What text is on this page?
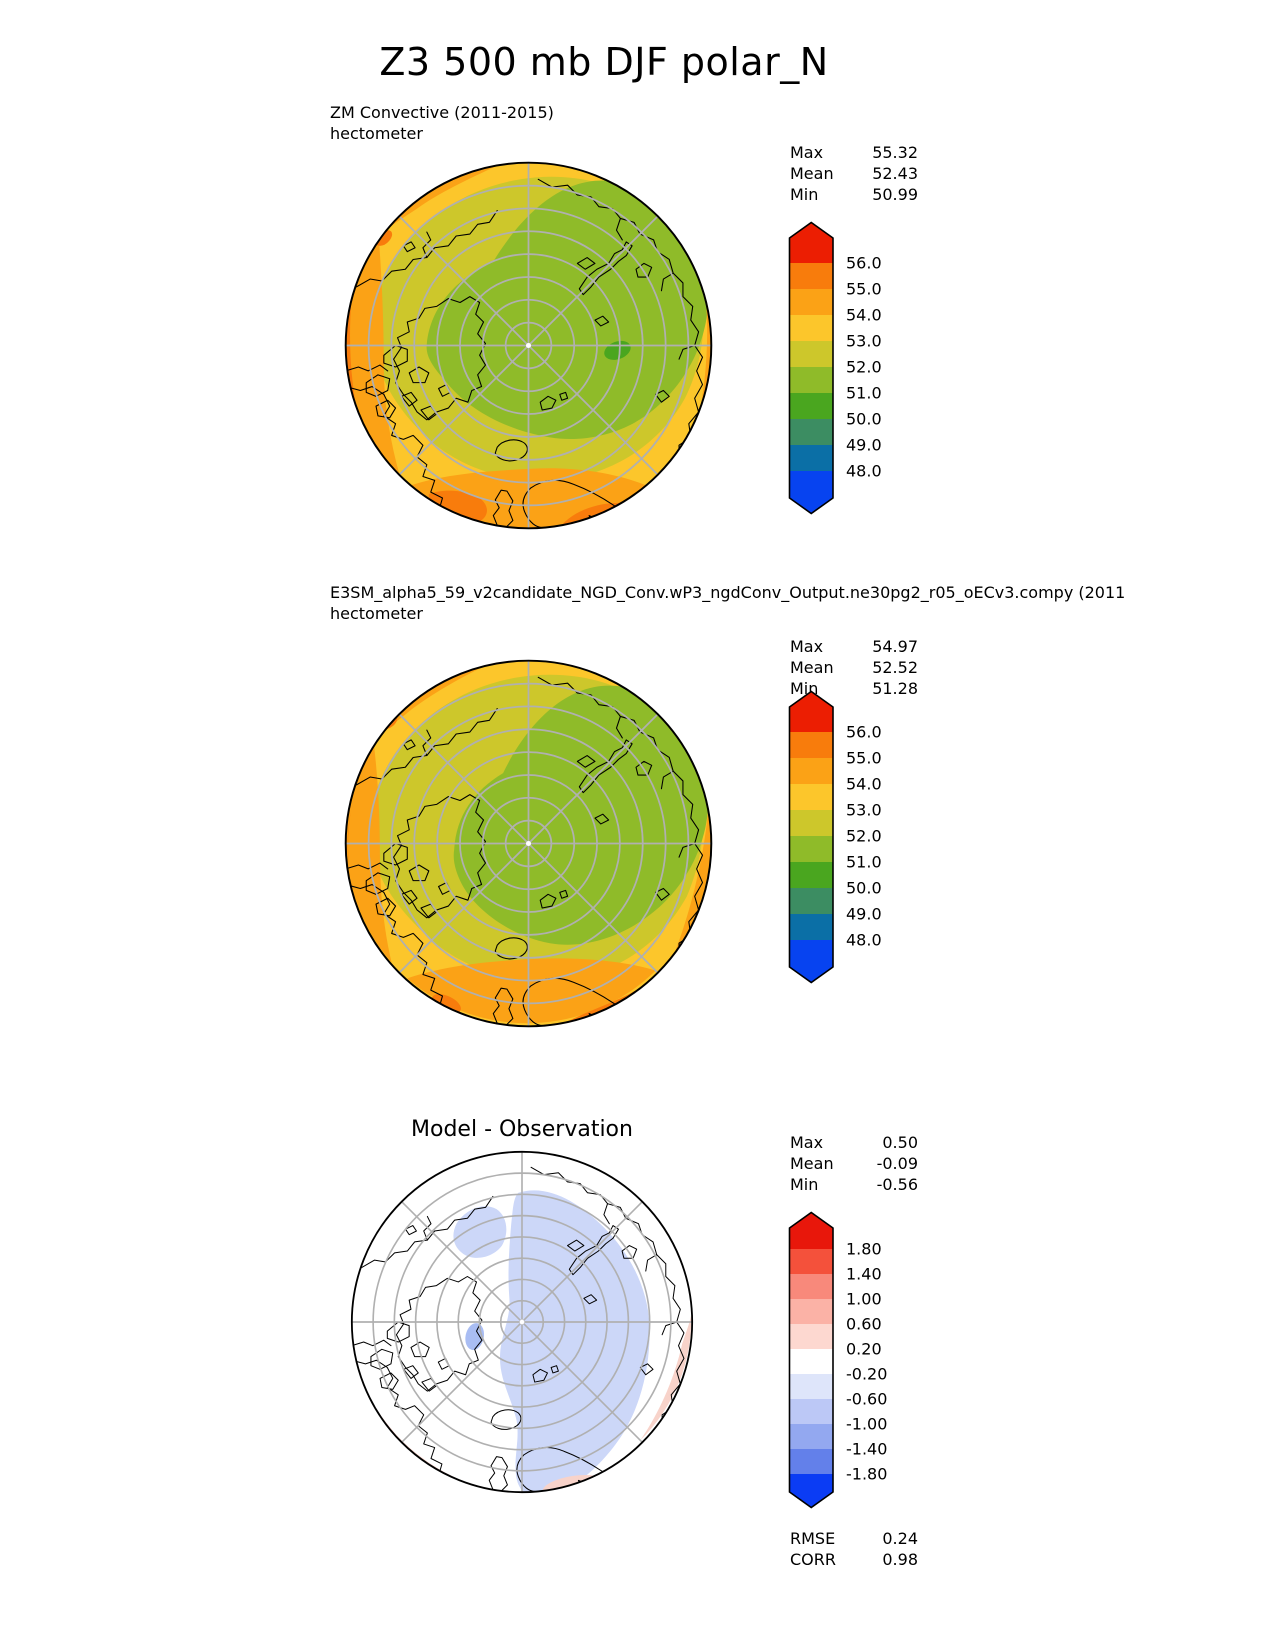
Z3 500 mb DJF polar_N
ZM Convective (2011-2015)
hectometer
Max	55.32
Mean 52.43
Min	50.99
56.0
55.0
54.0
53.0
52.0
51.0
50.0
49.0
48.0
E3SM_alpha5_59_v2candidate_NGD_Conv.wP3_ngdConv_Output.ne30pg2_r05_oECv3.compy (2011
hectometer
Max	54.97
Mean 52.52
Min	51.28
56.0
55.0
54.0
53.0
52.0
51.0
50.0
49.0
48.0
Model - Observation
Max	0.50
Mean	-0.09
Min	-0.56
1.80
1.40
1.00
0.60
0.20
-0.20
-0.60
-1.00
-1.40
-1.80
RMSE	0.24
CORR	0.98
